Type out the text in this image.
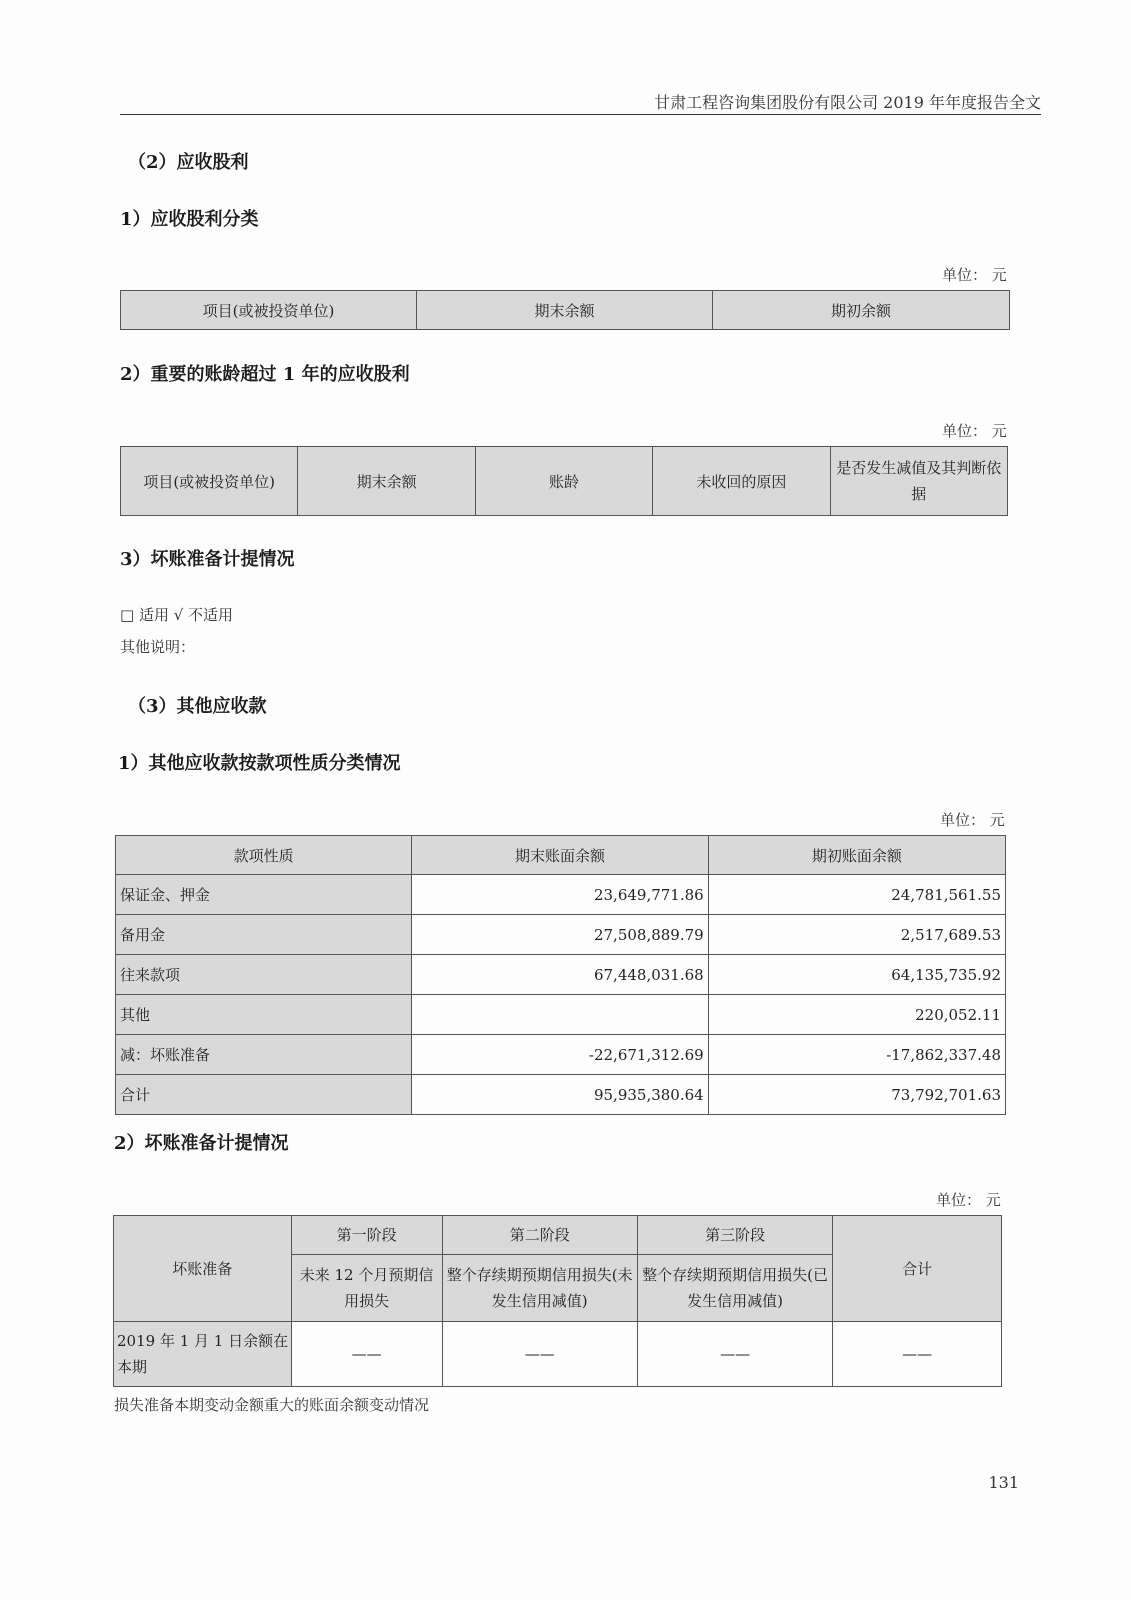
甘肃工程咨询集团股份有限公司 2019 年年度报告全文
（2）应收股利
1）应收股利分类
单位： 元
项目(或被投资单位)	期末余额	期初余额
2）重要的账龄超过 1 年的应收股利
单位： 元
项目(或被投资单位)	期末余额	账龄	未收回的原因	是否发生减值及其判断依据
3）坏账准备计提情况
□ 适用 √ 不适用
其他说明：
（3）其他应收款
1）其他应收款按款项性质分类情况
单位： 元
款项性质	期末账面余额	期初账面余额
保证金、押金	23,649,771.86	24,781,561.55
备用金	27,508,889.79	2,517,689.53
往来款项	67,448,031.68	64,135,735.92
其他		220,052.11
减：坏账准备	-22,671,312.69	-17,862,337.48
合计	95,935,380.64	73,792,701.63
2）坏账准备计提情况
单位： 元
坏账准备	第一阶段	第二阶段	第三阶段	合计
	未来 12 个月预期信用损失	整个存续期预期信用损失(未发生信用减值)	整个存续期预期信用损失(已发生信用减值)	
2019 年 1 月 1 日余额在本期	——	——	——	——
损失准备本期变动金额重大的账面余额变动情况
131
